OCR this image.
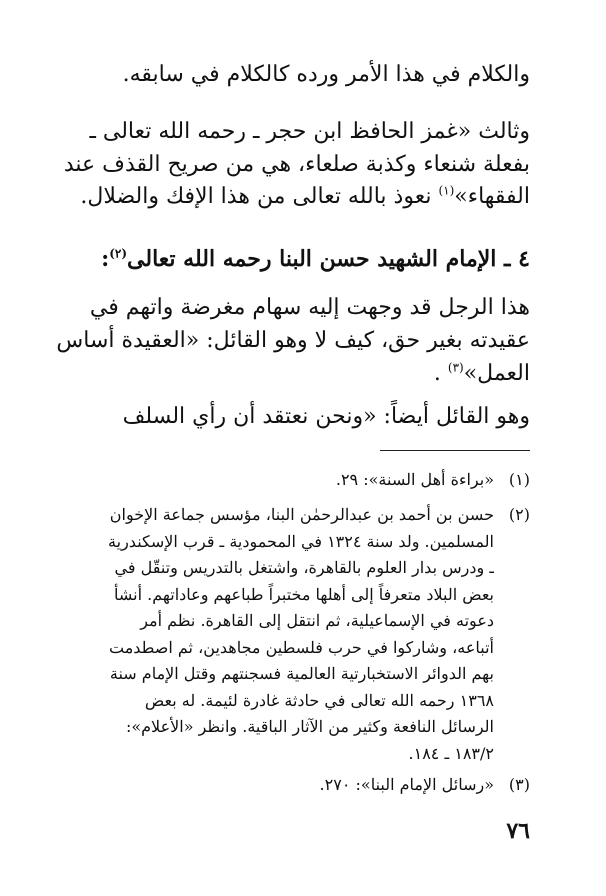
والكلام في هذا الأمر ورده كالكلام في سابقه.
وثالث «غمز الحافظ ابن حجر ـ رحمه الله تعالى ـ
بفعلة شنعاء وكذبة صلعاء، هي من صريح القذف عند
الفقهاء»$^{(١)}$ نعوذ بالله تعالى من هذا الإفك والضلال.
٤ ـ الإمام الشهيد حسن البنا رحمه الله تعالى$^{(٢)}$:
هذا الرجل قد وجهت إليه سهام مغرضة واتهم في
عقيدته بغير حق، كيف لا وهو القائل: «العقيدة أساس
العمل»$^{(٣)}$ .
وهو القائل أيضاً: «ونحن نعتقد أن رأي السلف
(١)
«براءة أهل السنة»: ٢٩.
(٢)
حسن بن أحمد بن عبدالرحمٰن البنا، مؤسس جماعة الإخوان
المسلمين. ولد سنة ١٣٢٤ في المحمودية ـ قرب الإسكندرية
ـ ودرس بدار العلوم بالقاهرة، واشتغل بالتدريس وتنقّل في
بعض البلاد متعرفاً إلى أهلها مختبراً طباعهم وعاداتهم. أنشأ
دعوته في الإسماعيلية، ثم انتقل إلى القاهرة. نظم أمر
أتباعه، وشاركوا في حرب فلسطين مجاهدين، ثم اصطدمت
بهم الدوائر الاستخبارتية العالمية فسجنتهم وقتل الإمام سنة
١٣٦٨ رحمه الله تعالى في حادثة غادرة لئيمة. له بعض
الرسائل النافعة وكثير من الآثار الباقية. وانظر «الأعلام»:
١٨٣/٢ ـ ١٨٤.
(٣)
«رسائل الإمام البنا»: ٢٧٠.
٧٦
